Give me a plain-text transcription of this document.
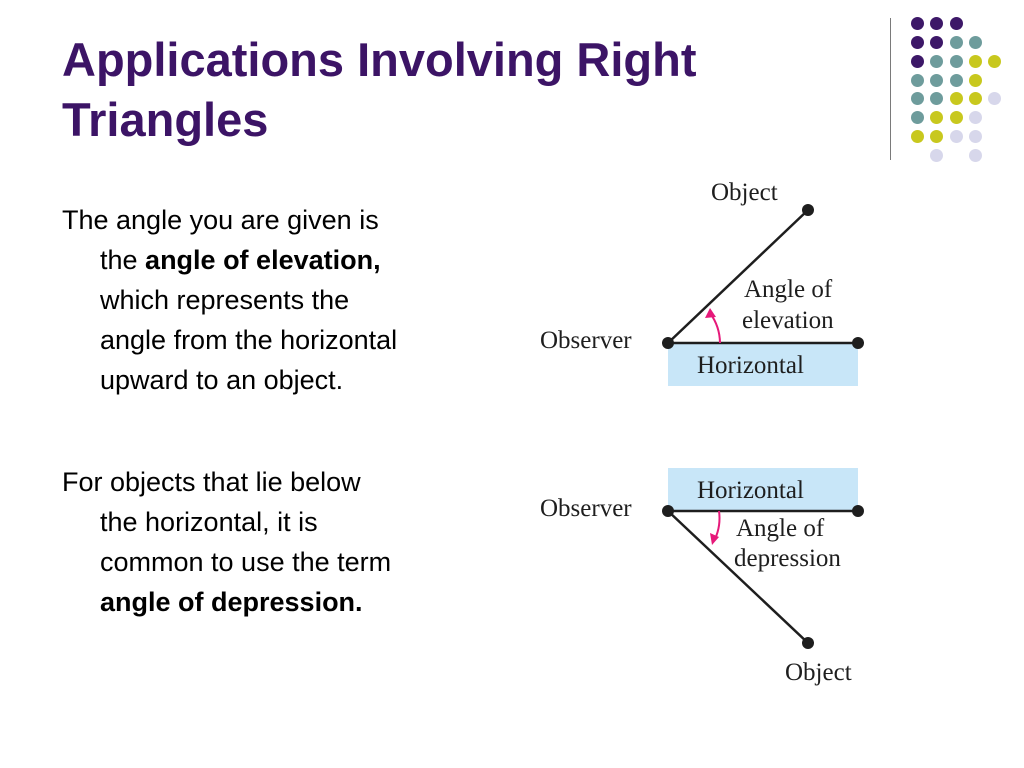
Applications Involving Right
Triangles

The angle you are given is
the angle of elevation,
which represents the
angle from the horizontal
upward to an object.

For objects that lie below
the horizontal, it is
common to use the term
angle of depression.

Object
Observer
Angle of
elevation
Horizontal
Observer
Horizontal
Angle of
depression
Object
